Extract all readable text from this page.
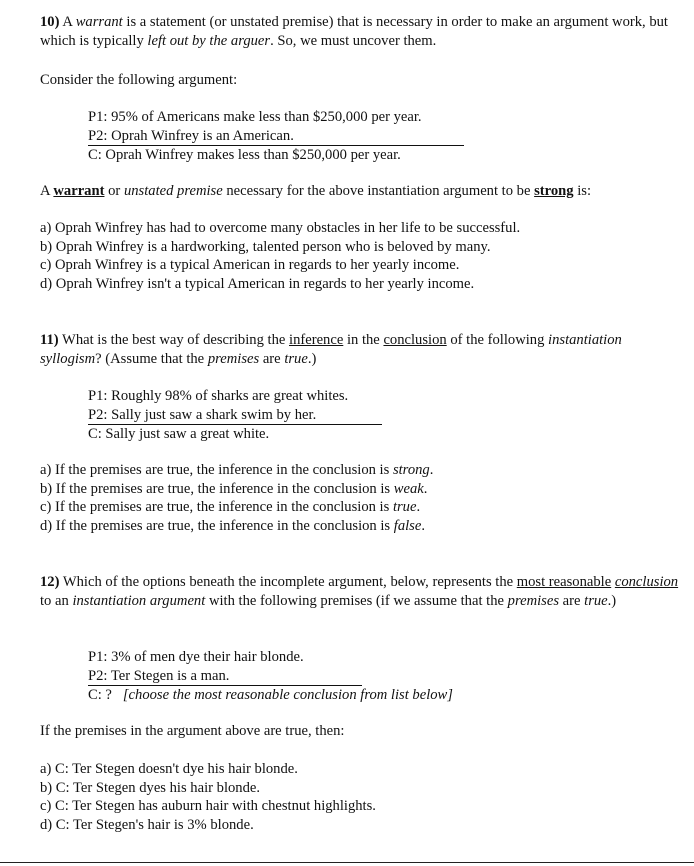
10) A warrant is a statement (or unstated premise) that is necessary in order to make an argument work, but which is typically left out by the arguer. So, we must uncover them.
Consider the following argument:
P1: 95% of Americans make less than $250,000 per year.
P2: Oprah Winfrey is an American.
C: Oprah Winfrey makes less than $250,000 per year.
A warrant or unstated premise necessary for the above instantiation argument to be strong is:
a) Oprah Winfrey has had to overcome many obstacles in her life to be successful.
b) Oprah Winfrey is a hardworking, talented person who is beloved by many.
c) Oprah Winfrey is a typical American in regards to her yearly income.
d) Oprah Winfrey isn't a typical American in regards to her yearly income.
11) What is the best way of describing the inference in the conclusion of the following instantiation syllogism? (Assume that the premises are true.)
P1: Roughly 98% of sharks are great whites.
P2: Sally just saw a shark swim by her.
C: Sally just saw a great white.
a) If the premises are true, the inference in the conclusion is strong.
b) If the premises are true, the inference in the conclusion is weak.
c) If the premises are true, the inference in the conclusion is true.
d) If the premises are true, the inference in the conclusion is false.
12) Which of the options beneath the incomplete argument, below, represents the most reasonable conclusion to an instantiation argument with the following premises (if we assume that the premises are true.)
P1: 3% of men dye their hair blonde.
P2: Ter Stegen is a man.
C: ? [choose the most reasonable conclusion from list below]
If the premises in the argument above are true, then:
a) C: Ter Stegen doesn't dye his hair blonde.
b) C: Ter Stegen dyes his hair blonde.
c) C: Ter Stegen has auburn hair with chestnut highlights.
d) C: Ter Stegen's hair is 3% blonde.
